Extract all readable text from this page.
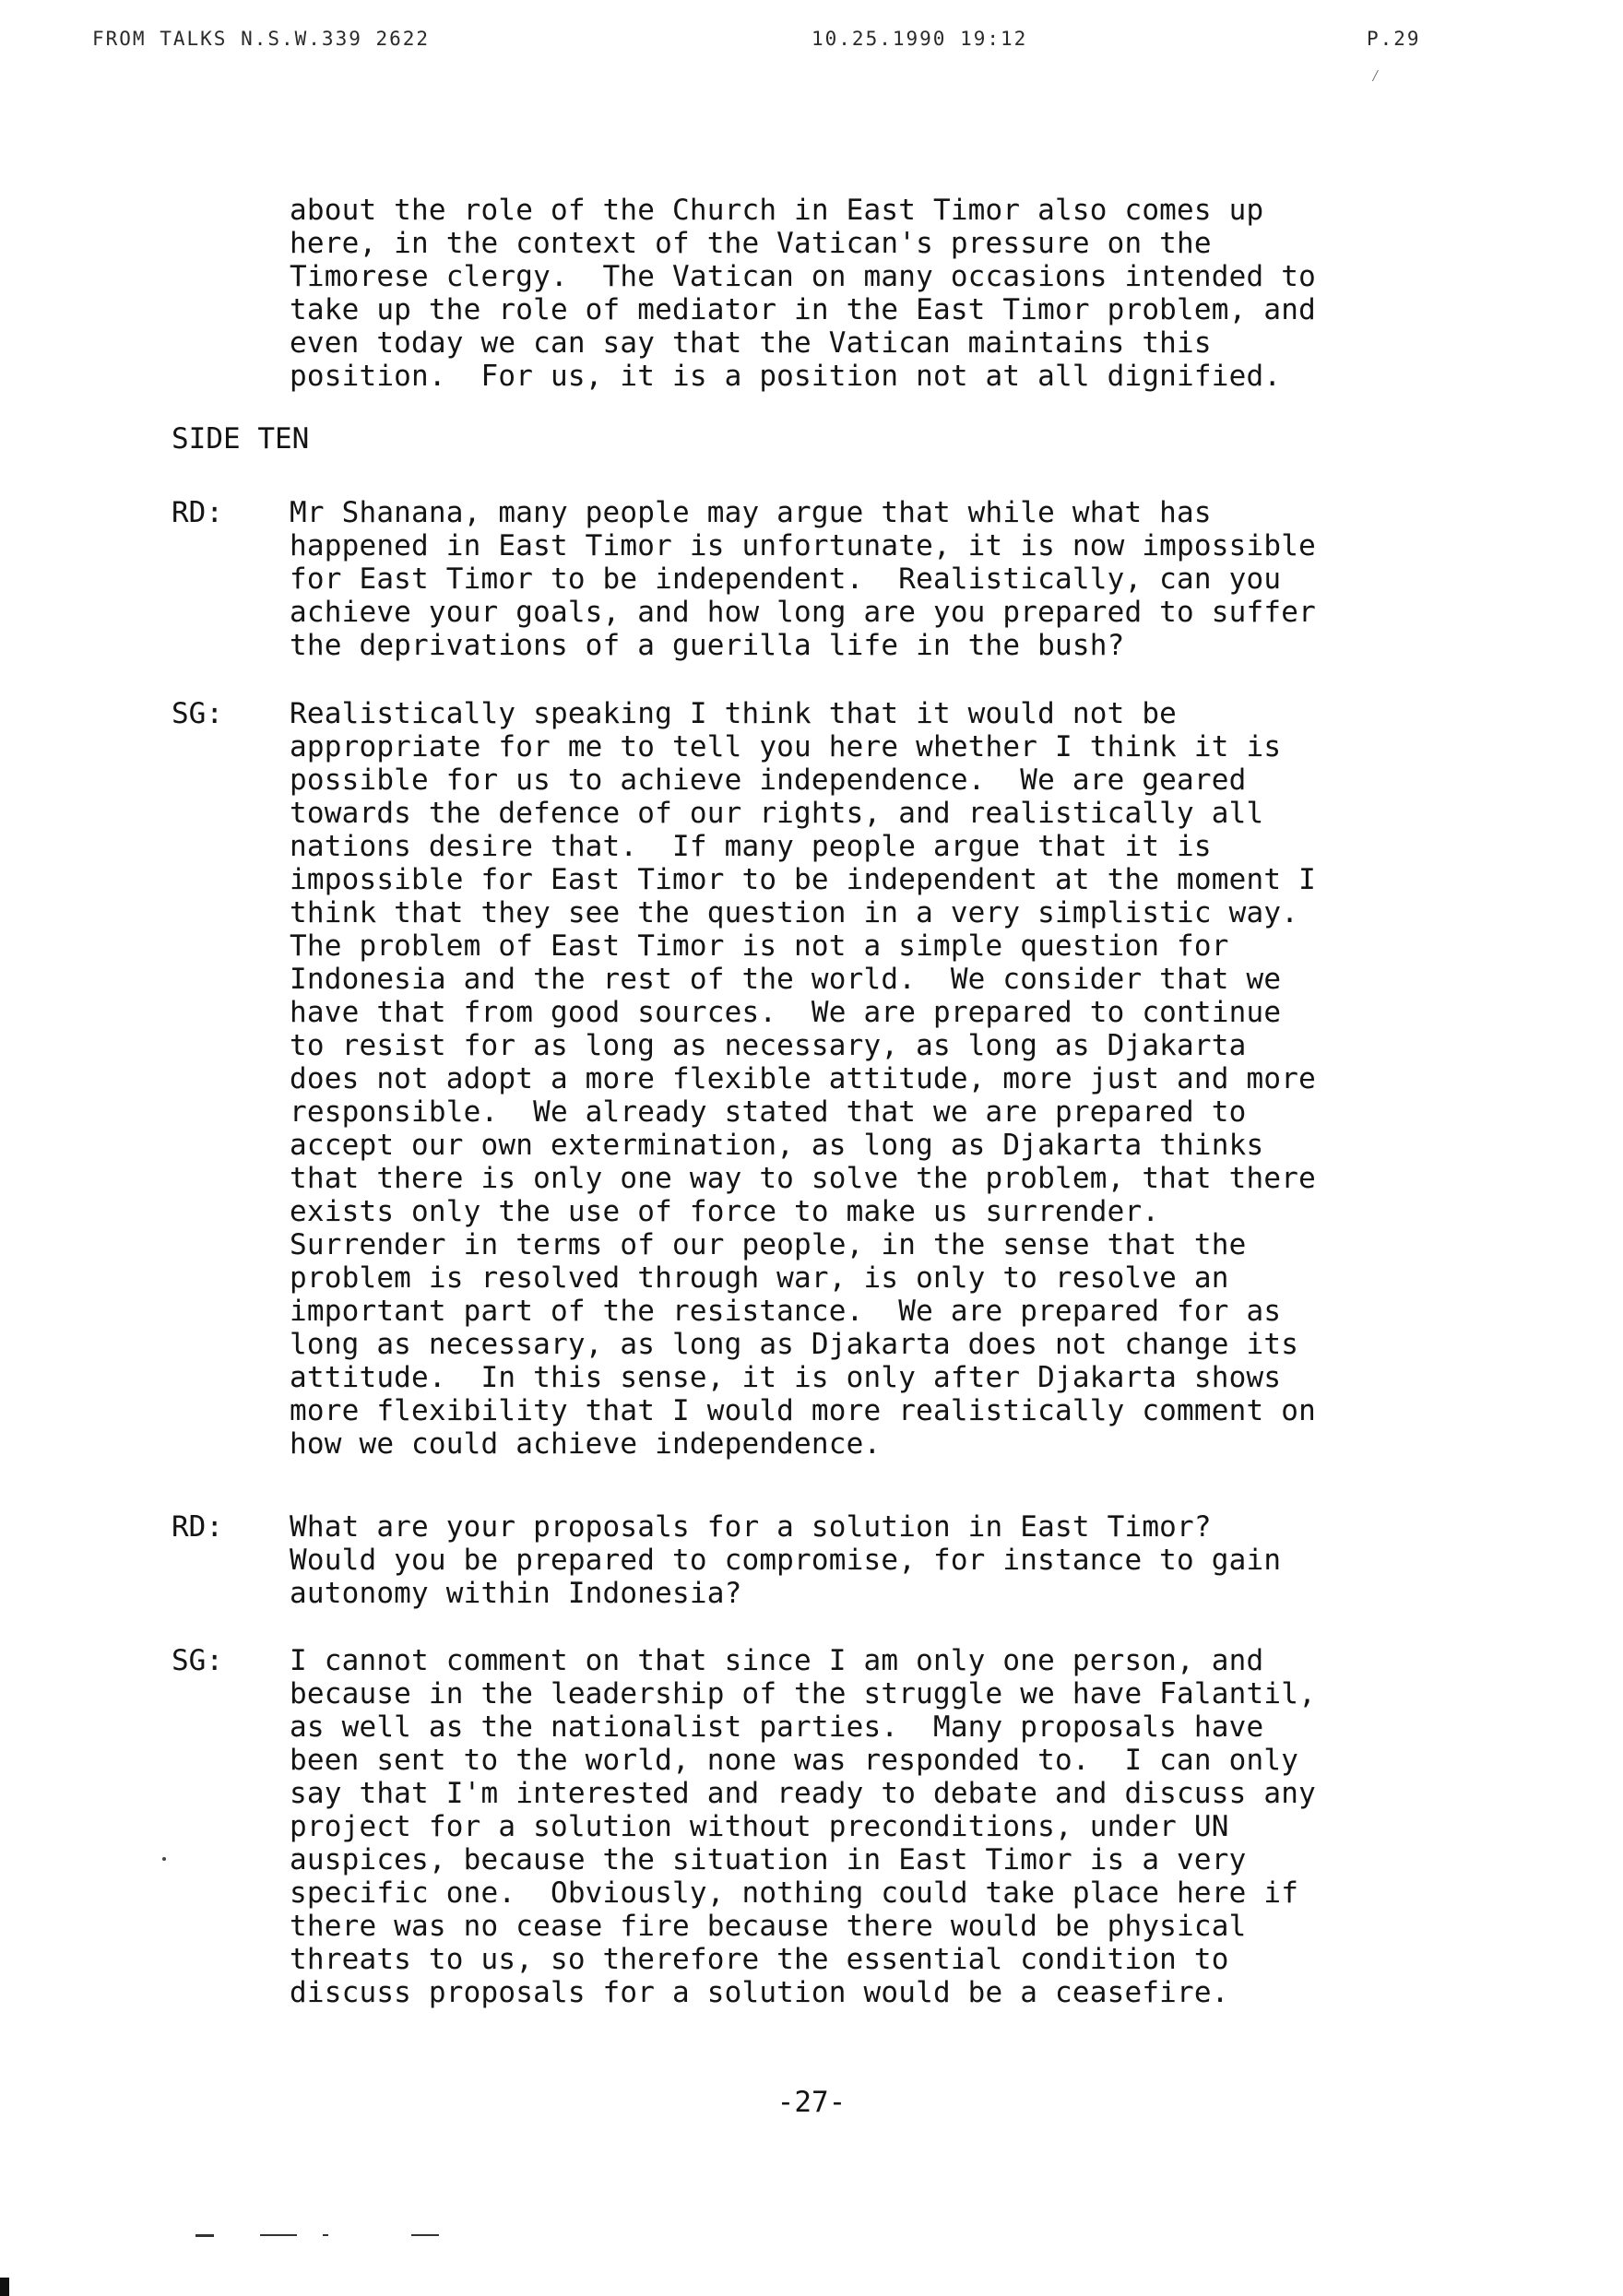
FROM TALKS N.S.W.339 2622	10.25.1990 19:12	P.29
⁄
about the role of the Church in East Timor also comes up
here, in the context of the Vatican's pressure on the
Timorese clergy.  The Vatican on many occasions intended to
take up the role of mediator in the East Timor problem, and
even today we can say that the Vatican maintains this
position.  For us, it is a position not at all dignified.
SIDE TEN
RD: Mr Shanana, many people may argue that while what has
happened in East Timor is unfortunate, it is now impossible
for East Timor to be independent.  Realistically, can you
achieve your goals, and how long are you prepared to suffer
the deprivations of a guerilla life in the bush?
SG: Realistically speaking I think that it would not be
appropriate for me to tell you here whether I think it is
possible for us to achieve independence.  We are geared
towards the defence of our rights, and realistically all
nations desire that.  If many people argue that it is
impossible for East Timor to be independent at the moment I
think that they see the question in a very simplistic way.
The problem of East Timor is not a simple question for
Indonesia and the rest of the world.  We consider that we
have that from good sources.  We are prepared to continue
to resist for as long as necessary, as long as Djakarta
does not adopt a more flexible attitude, more just and more
responsible.  We already stated that we are prepared to
accept our own extermination, as long as Djakarta thinks
that there is only one way to solve the problem, that there
exists only the use of force to make us surrender.
Surrender in terms of our people, in the sense that the
problem is resolved through war, is only to resolve an
important part of the resistance.  We are prepared for as
long as necessary, as long as Djakarta does not change its
attitude.  In this sense, it is only after Djakarta shows
more flexibility that I would more realistically comment on
how we could achieve independence.
RD: What are your proposals for a solution in East Timor?
Would you be prepared to compromise, for instance to gain
autonomy within Indonesia?
SG: I cannot comment on that since I am only one person, and
because in the leadership of the struggle we have Falantil,
as well as the nationalist parties.  Many proposals have
been sent to the world, none was responded to.  I can only
say that I'm interested and ready to debate and discuss any
project for a solution without preconditions, under UN
auspices, because the situation in East Timor is a very
specific one.  Obviously, nothing could take place here if
there was no cease fire because there would be physical
threats to us, so therefore the essential condition to
discuss proposals for a solution would be a ceasefire.
-27-
